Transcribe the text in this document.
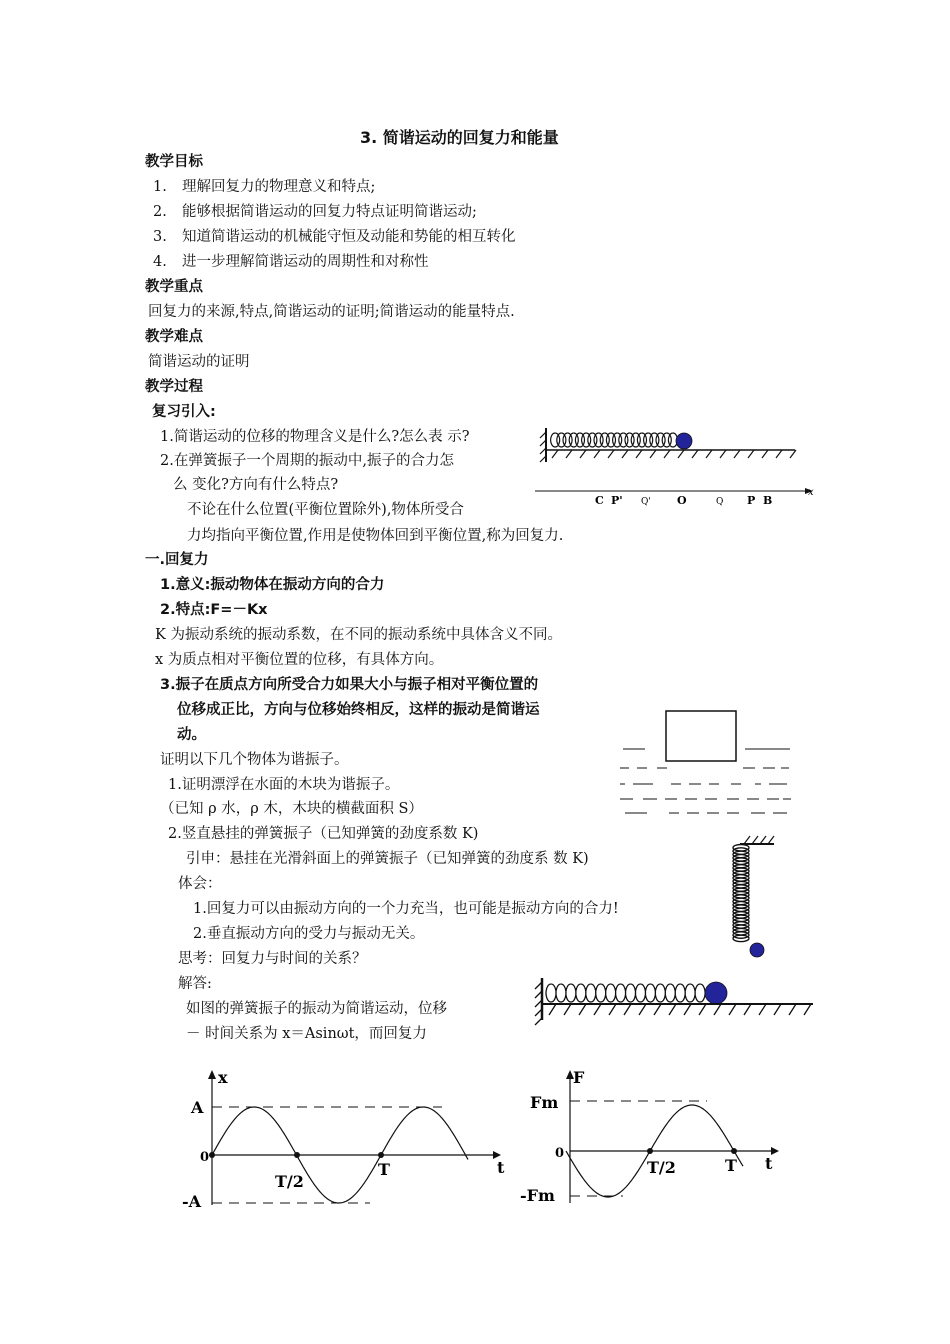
3. 简谐运动的回复力和能量
教学目标
1. 理解回复力的物理意义和特点;
2. 能够根据简谐运动的回复力特点证明简谐运动;
3. 知道简谐运动的机械能守恒及动能和势能的相互转化
4. 进一步理解简谐运动的周期性和对称性
教学重点
回复力的来源,特点,简谐运动的证明;简谐运动的能量特点.
教学难点
简谐运动的证明
教学过程
复习引入:
1.简谐运动的位移的物理含义是什么?怎么表 示?
2.在弹簧振子一个周期的振动中,振子的合力怎
么 变化?方向有什么特点?
不论在什么位置(平衡位置除外),物体所受合
力均指向平衡位置,作用是使物体回到平衡位置,称为回复力.
一.回复力
1.意义:振动物体在振动方向的合力
2.特点:F=－Kx
K 为振动系统的振动系数，在不同的振动系统中具体含义不同。
x 为质点相对平衡位置的位移，有具体方向。
3.振子在质点方向所受合力如果大小与振子相对平衡位置的
位移成正比，方向与位移始终相反，这样的振动是简谐运
动。
证明以下几个物体为谐振子。
1.证明漂浮在水面的木块为谐振子。
（已知 ρ 水，ρ 木，木块的横截面积 S）
2.竖直悬挂的弹簧振子（已知弹簧的劲度系数 K)
引申：悬挂在光滑斜面上的弹簧振子（已知弹簧的劲度系 数 K)
体会：
1.回复力可以由振动方向的一个力充当，也可能是振动方向的合力!
2.垂直振动方向的受力与振动无关。
思考：回复力与时间的关系？
解答:
如图的弹簧振子的振动为简谐运动，位移
－ 时间关系为 x＝Asinωt，而回复力
C P' Q' O	Q P B
x
x
A
-A
0
T/2
T	t
F
Fm
-Fm
0
T/2	T t
